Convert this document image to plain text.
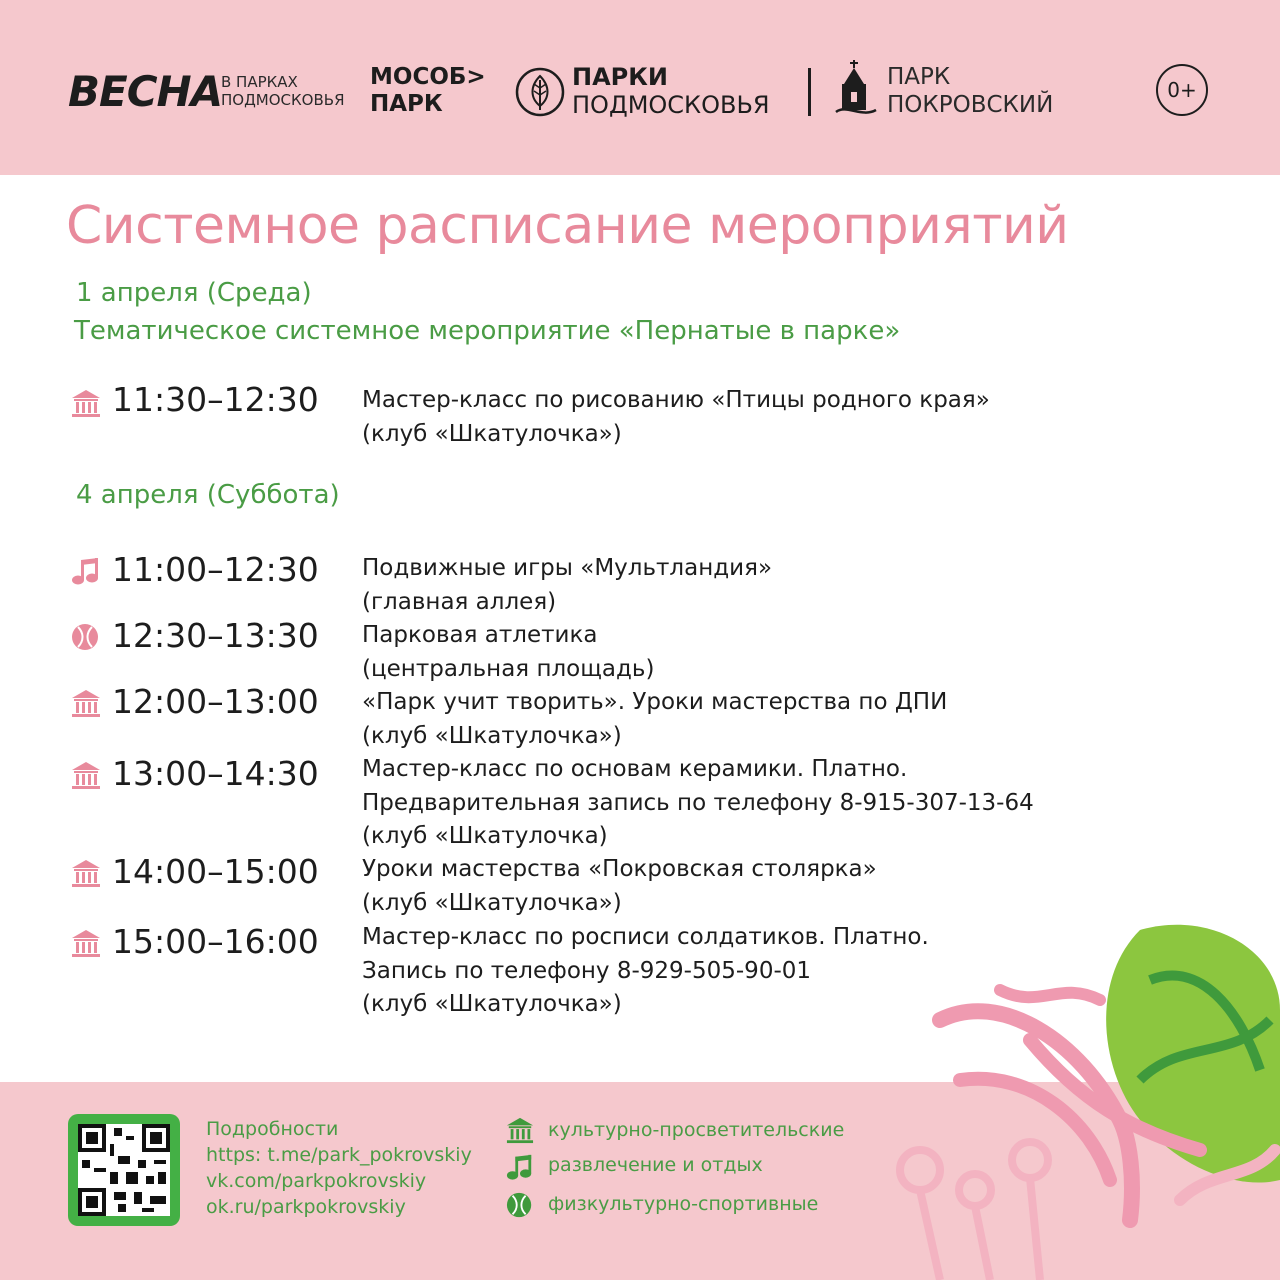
ВЕСНА
В ПАРКАХ
ПОДМОСКОВЬЯ
МОСОБ>
ПАРК
ПАРКИ
ПОДМОСКОВЬЯ
ПАРК
ПОКРОВСКИЙ
0+
Системное расписание мероприятий
1 апреля (Среда)
Тематическое системное мероприятие «Пернатые в парке»
11:30–12:30 Мастер-класс по рисованию «Птицы родного края»
(клуб «Шкатулочка»)
4 апреля (Суббота)
11:00–12:30 Подвижные игры «Мультландия»
(главная аллея)
12:30–13:30 Парковая атлетика
(центральная площадь)
12:00–13:00 «Парк учит творить». Уроки мастерства по ДПИ
(клуб «Шкатулочка»)
13:00–14:30 Мастер-класс по основам керамики. Платно.
Предварительная запись по телефону 8-915-307-13-64
(клуб «Шкатулочка)
14:00–15:00 Уроки мастерства «Покровская столярка»
(клуб «Шкатулочка»)
15:00–16:00 Мастер-класс по росписи солдатиков. Платно.
Запись по телефону 8-929-505-90-01
(клуб «Шкатулочка»)
Подробности
https: t.me/park_pokrovskiy
vk.com/parkpokrovskiy
ok.ru/parkpokrovskiy
культурно-просветительские
развлечение и отдых
физкультурно-спортивные
